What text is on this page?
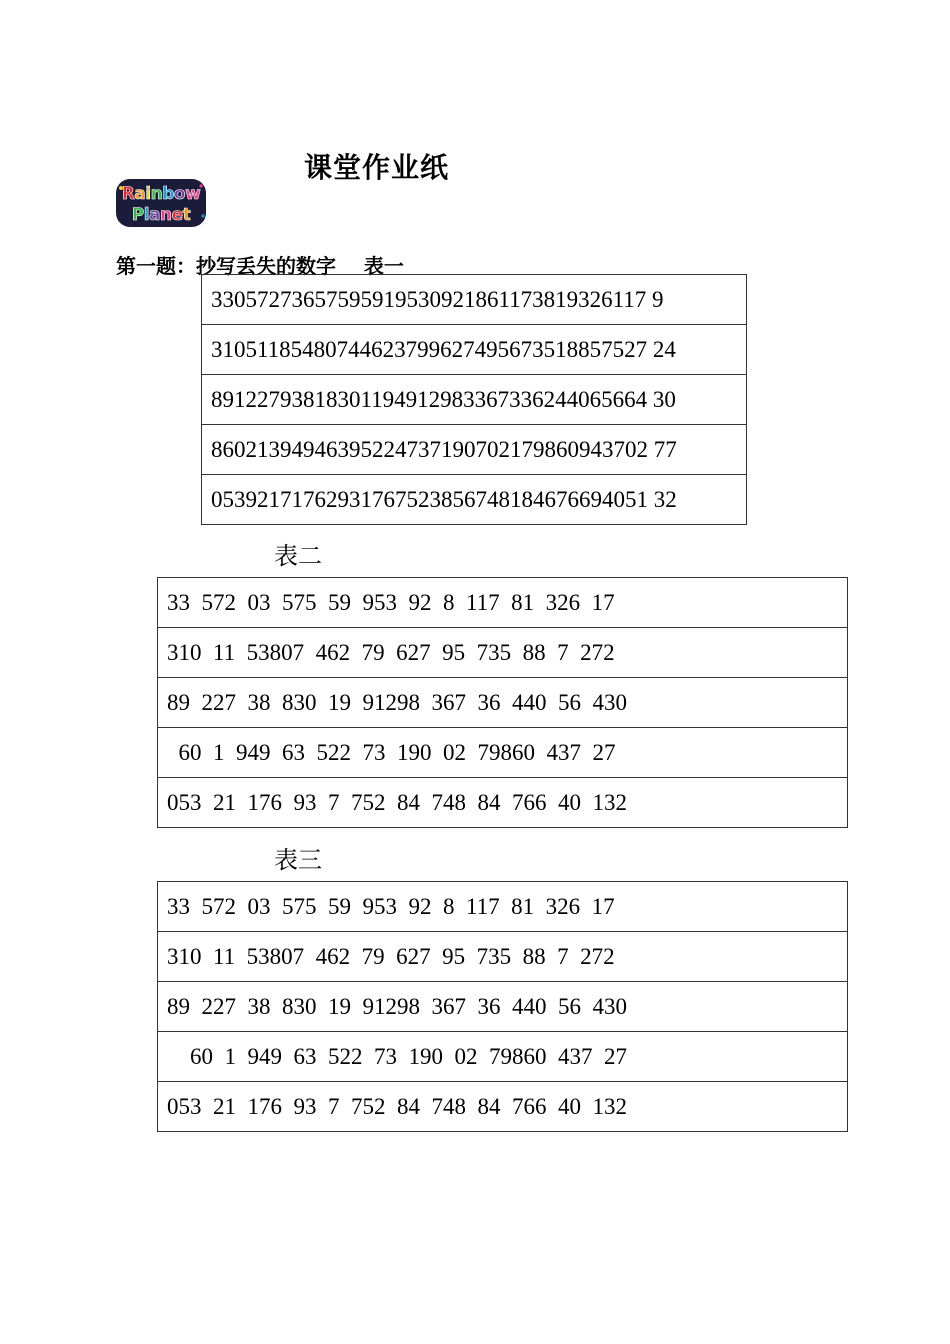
课堂作业纸
Rainbow
Planet
第一题：抄写丢失的数字    表一
33057273657595919530921861173819326117 9
31051185480744623799627495673518857527 24
89122793818301194912983367336244065664 30
86021394946395224737190702179860943702 77
05392171762931767523856748184676694051 32
表二
33  572  03  575  59  953  92  8  117  81  326  17
310  11  53807  462  79  627  95  735  88  7  272
89  227  38  830  19  91298  367  36  440  56  430
60  1  949  63  522  73  190  02  79860  437  27
053  21  176  93  7  752  84  748  84  766  40  132
表三
33  572  03  575  59  953  92  8  117  81  326  17
310  11  53807  462  79  627  95  735  88  7  272
89  227  38  830  19  91298  367  36  440  56  430
60  1  949  63  522  73  190  02  79860  437  27
053  21  176  93  7  752  84  748  84  766  40  132
